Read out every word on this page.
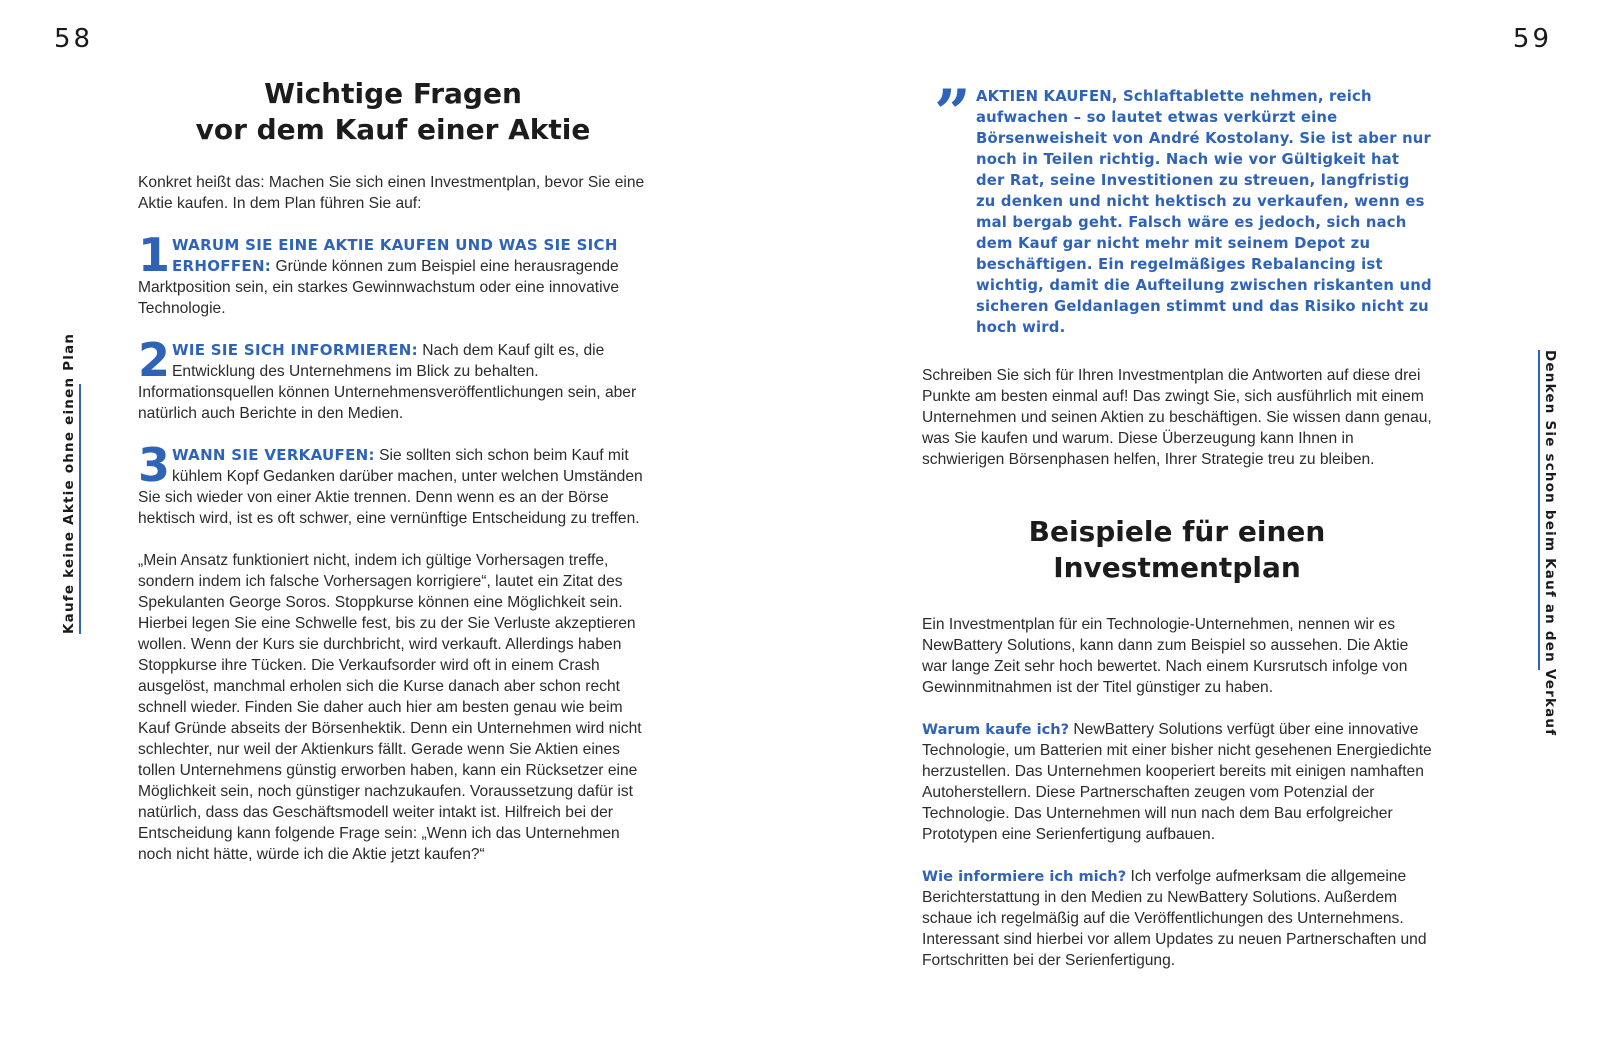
58	59
Kaufe keine Aktie ohne einen Plan	Denken Sie schon beim Kauf an den Verkauf
Wichtige Fragen
vor dem Kauf einer Aktie

Konkret heißt das: Machen Sie sich einen Investmentplan, bevor Sie eine Aktie kaufen. In dem Plan führen Sie auf:

1 WARUM SIE EINE AKTIE KAUFEN UND WAS SIE SICH ERHOFFEN: Gründe können zum Beispiel eine herausragende Marktposition sein, ein starkes Gewinnwachstum oder eine innovative Technologie.
2 WIE SIE SICH INFORMIEREN: Nach dem Kauf gilt es, die Entwicklung des Unternehmens im Blick zu behalten. Informationsquellen können Unternehmensveröffentlichungen sein, aber natürlich auch Berichte in den Medien.
3 WANN SIE VERKAUFEN: Sie sollten sich schon beim Kauf mit kühlem Kopf Gedanken darüber machen, unter welchen Umständen Sie sich wieder von einer Aktie trennen. Denn wenn es an der Börse hektisch wird, ist es oft schwer, eine vernünftige Entscheidung zu treffen.

„Mein Ansatz funktioniert nicht, indem ich gültige Vorhersagen treffe, sondern indem ich falsche Vorhersagen korrigiere“, lautet ein Zitat des Spekulanten George Soros. Stoppkurse können eine Möglichkeit sein. Hierbei legen Sie eine Schwelle fest, bis zu der Sie Verluste akzeptieren wollen. Wenn der Kurs sie durchbricht, wird verkauft. Allerdings haben Stoppkurse ihre Tücken. Die Verkaufsorder wird oft in einem Crash ausgelöst, manchmal erholen sich die Kurse danach aber schon recht schnell wieder. Finden Sie daher auch hier am besten genau wie beim Kauf Gründe abseits der Börsenhektik. Denn ein Unternehmen wird nicht schlechter, nur weil der Aktienkurs fällt. Gerade wenn Sie Aktien eines tollen Unternehmens günstig erworben haben, kann ein Rücksetzer eine Möglichkeit sein, noch günstiger nachzukaufen. Voraussetzung dafür ist natürlich, dass das Geschäftsmodell weiter intakt ist. Hilfreich bei der Entscheidung kann folgende Frage sein: „Wenn ich das Unternehmen noch nicht hätte, würde ich die Aktie jetzt kaufen?“

” AKTIEN KAUFEN, Schlaftablette nehmen, reich aufwachen – so lautet etwas verkürzt eine Börsenweisheit von André Kostolany. Sie ist aber nur noch in Teilen richtig. Nach wie vor Gültigkeit hat der Rat, seine Investitionen zu streuen, langfristig zu denken und nicht hektisch zu verkaufen, wenn es mal bergab geht. Falsch wäre es jedoch, sich nach dem Kauf gar nicht mehr mit seinem Depot zu beschäftigen. Ein regelmäßiges Rebalancing ist wichtig, damit die Aufteilung zwischen riskanten und sicheren Geldanlagen stimmt und das Risiko nicht zu hoch wird.

Schreiben Sie sich für Ihren Investmentplan die Antworten auf diese drei Punkte am besten einmal auf! Das zwingt Sie, sich ausführlich mit einem Unternehmen und seinen Aktien zu beschäftigen. Sie wissen dann genau, was Sie kaufen und warum. Diese Überzeugung kann Ihnen in schwierigen Börsenphasen helfen, Ihrer Strategie treu zu bleiben.

Beispiele für einen Investmentplan

Ein Investmentplan für ein Technologie-Unternehmen, nennen wir es NewBattery Solutions, kann dann zum Beispiel so aussehen. Die Aktie war lange Zeit sehr hoch bewertet. Nach einem Kursrutsch infolge von Gewinnmitnahmen ist der Titel günstiger zu haben.

Warum kaufe ich? NewBattery Solutions verfügt über eine innovative Technologie, um Batterien mit einer bisher nicht gesehenen Energiedichte herzustellen. Das Unternehmen kooperiert bereits mit einigen namhaften Autoherstellern. Diese Partnerschaften zeugen vom Potenzial der Technologie. Das Unternehmen will nun nach dem Bau erfolgreicher Prototypen eine Serienfertigung aufbauen.

Wie informiere ich mich? Ich verfolge aufmerksam die allgemeine Berichterstattung in den Medien zu NewBattery Solutions. Außerdem schaue ich regelmäßig auf die Veröffentlichungen des Unternehmens. Interessant sind hierbei vor allem Updates zu neuen Partnerschaften und Fortschritten bei der Serienfertigung.
